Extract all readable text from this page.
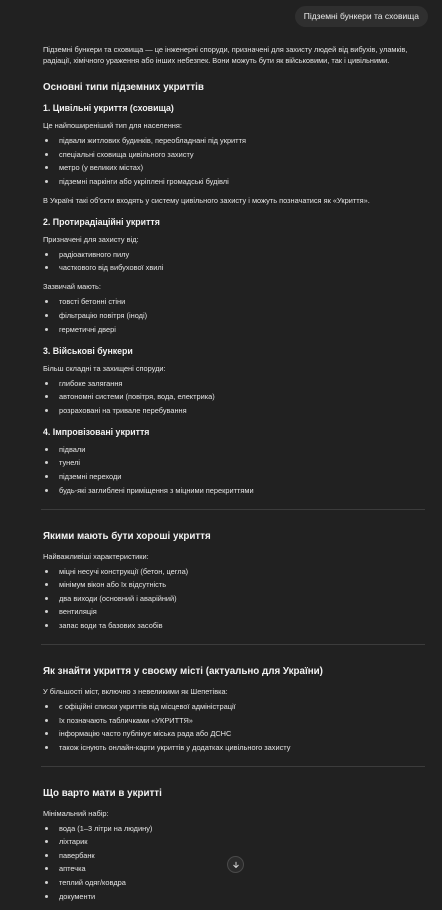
Підземні бункери та сховища

Підземні бункери та сховища — це інженерні споруди, призначені для захисту людей від вибухів, уламків, радіації, хімічного ураження або інших небезпек. Вони можуть бути як військовими, так і цивільними.

Основні типи підземних укриттів
1. Цивільні укриття (сховища)

Це найпоширеніший тип для населення:

підвали житлових будинків, переобладнані під укриття
спеціальні сховища цивільного захисту
метро (у великих містах)
підземні паркінги або укріплені громадські будівлі

В Україні такі об'єкти входять у систему цивільного захисту і можуть позначатися як «Укриття».

2. Протирадіаційні укриття

Призначені для захисту від:

радіоактивного пилу
часткового від вибухової хвилі

Зазвичай мають:

товсті бетонні стіни
фільтрацію повітря (іноді)
герметичні двері
3. Військові бункери

Більш складні та захищені споруди:

глибоке залягання
автономні системи (повітря, вода, електрика)
розраховані на тривале перебування
4. Імпровізовані укриття
підвали
тунелі
підземні переходи
будь-які заглиблені приміщення з міцними перекриттями
Якими мають бути хороші укриття

Найважливіші характеристики:

міцні несучі конструкції (бетон, цегла)
мінімум вікон або їх відсутність
два виходи (основний і аварійний)
вентиляція
запас води та базових засобів
Як знайти укриття у своєму місті (актуально для України)

У більшості міст, включно з невеликими як Шепетівка:

є офіційні списки укриттів від місцевої адміністрації
їх позначають табличками «УКРИТТЯ»
інформацію часто публікує міська рада або ДСНС
також існують онлайн-карти укриттів у додатках цивільного захисту
Що варто мати в укритті

Мінімальний набір:

вода (1–3 літри на людину)
ліхтарик
павербанк
аптечка
теплий одяг/ковдра
документи
